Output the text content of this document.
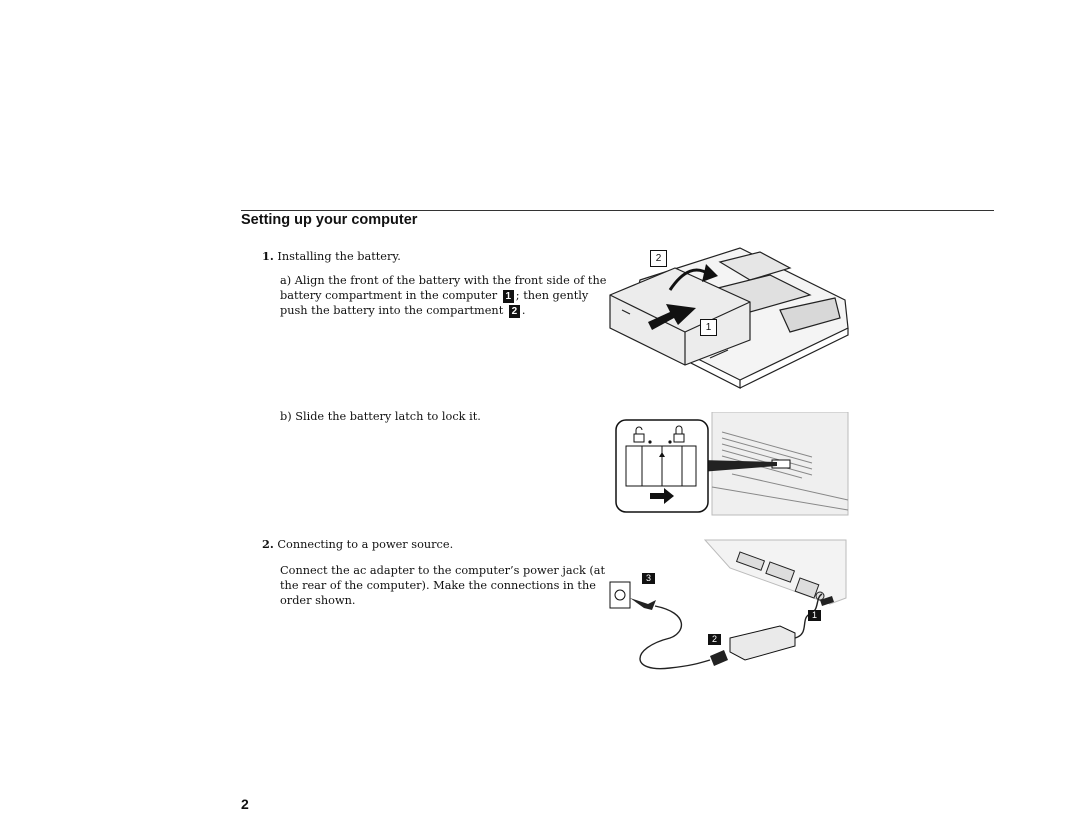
Setting up your computer
1. Installing the battery.
a) Align the front of the battery with the front side of the
battery compartment in the computer 1 ; then gently
push the battery into the compartment 2 .
b) Slide the battery latch to lock it.
2. Connecting to a power source.
Connect the ac adapter to the computer’s power jack (at
the rear of the computer). Make the connections in the
order shown.
2
1
3
2
1
2
